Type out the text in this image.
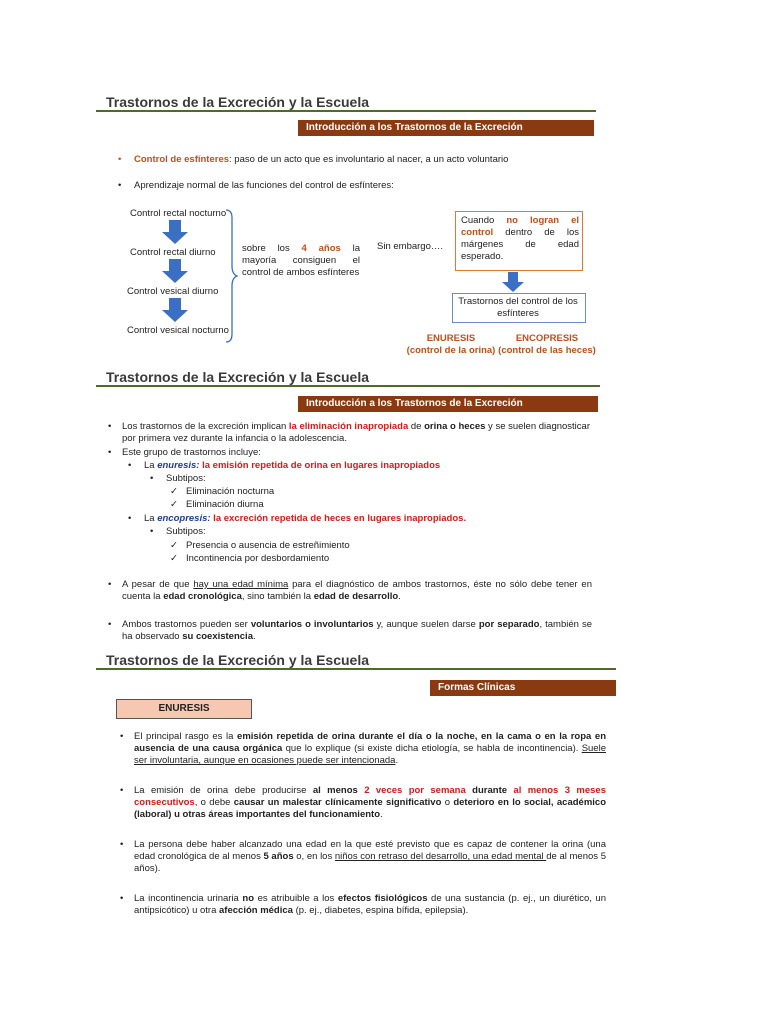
Trastornos de la Excreción y la Escuela
Introducción a los Trastornos de la Excreción
• Control de esfínteres: paso de un acto que es involuntario al nacer, a un acto voluntario
• Aprendizaje normal de las funciones del control de esfínteres:
Control rectal nocturno
Control rectal diurno
Control vesical diurno
Control vesical nocturno
sobre los 4 años la mayoría consiguen el control de ambos esfínteres
Sin embargo….
Cuando no logran el control dentro de los márgenes de edad esperado.
Trastornos del control de los esfínteres
ENURESIS
(control de la orina)
ENCOPRESIS
(control de las heces)
Trastornos de la Excreción y la Escuela
Introducción a los Trastornos de la Excreción
• Los trastornos de la excreción implican la eliminación inapropiada de orina o heces y se suelen diagnosticar por primera vez durante la infancia o la adolescencia.
• Este grupo de trastornos incluye:
• La enuresis: la emisión repetida de orina en lugares inapropiados
• Subtipos:
✓ Eliminación nocturna
✓ Eliminación diurna
• La encopresis: la excreción repetida de heces en lugares inapropiados.
• Subtipos:
✓ Presencia o ausencia de estreñimiento
✓ Incontinencia por desbordamiento
• A pesar de que hay una edad mínima para el diagnóstico de ambos trastornos, éste no sólo debe tener en cuenta la edad cronológica, sino también la edad de desarrollo.
• Ambos trastornos pueden ser voluntarios o involuntarios y, aunque suelen darse por separado, también se ha observado su coexistencia.
Trastornos de la Excreción y la Escuela
Formas Clínicas
ENURESIS
• El principal rasgo es la emisión repetida de orina durante el día o la noche, en la cama o en la ropa en ausencia de una causa orgánica que lo explique (si existe dicha etiología, se habla de incontinencia). Suele ser involuntaria, aunque en ocasiones puede ser intencionada.
• La emisión de orina debe producirse al menos 2 veces por semana durante al menos 3 meses consecutivos, o debe causar un malestar clínicamente significativo o deterioro en lo social, académico (laboral) u otras áreas importantes del funcionamiento.
• La persona debe haber alcanzado una edad en la que esté previsto que es capaz de contener la orina (una edad cronológica de al menos 5 años o, en los niños con retraso del desarrollo, una edad mental de al menos 5 años).
• La incontinencia urinaria no es atribuible a los efectos fisiológicos de una sustancia (p. ej., un diurético, un antipsicótico) u otra afección médica (p. ej., diabetes, espina bífida, epilepsia).
